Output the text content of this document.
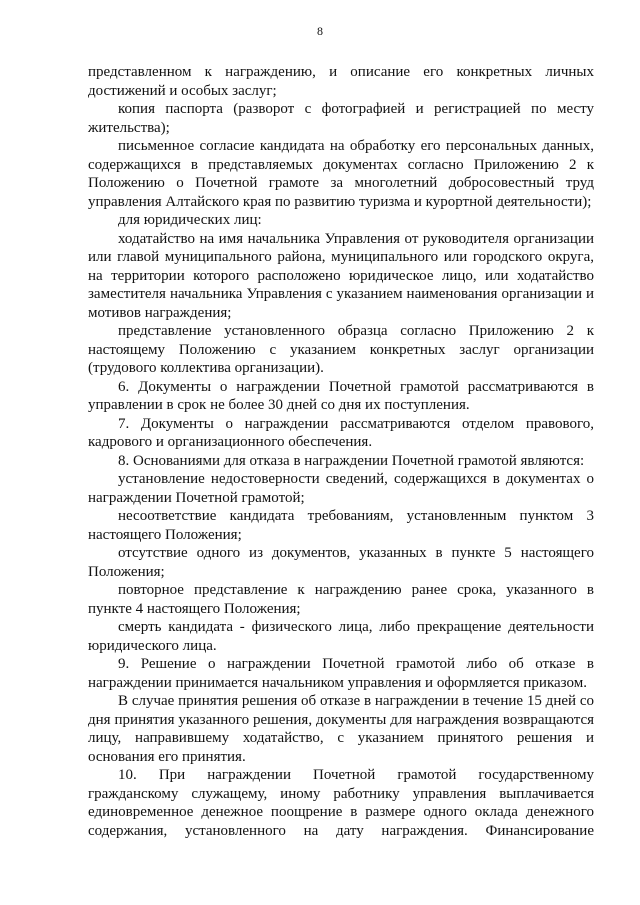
8

представленном к награждению, и описание его конкретных личных достижений и особых заслуг;

копия паспорта (разворот с фотографией и регистрацией по месту жительства);

письменное согласие кандидата на обработку его персональных данных, содержащихся в представляемых документах согласно Приложению 2 к Положению о Почетной грамоте за многолетний добросовестный труд управления Алтайского края по развитию туризма и курортной деятельности);

для юридических лиц:

ходатайство на имя начальника Управления от руководителя организации или главой муниципального района, муниципального или городского округа, на территории которого расположено юридическое лицо, или ходатайство заместителя начальника Управления с указанием наименования организации и мотивов награждения;

представление установленного образца согласно Приложению 2 к настоящему Положению с указанием конкретных заслуг организации (трудового коллектива организации).

6. Документы о награждении Почетной грамотой рассматриваются в управлении в срок не более 30 дней со дня их поступления.

7. Документы о награждении рассматриваются отделом правового, кадрового и организационного обеспечения.

8. Основаниями для отказа в награждении Почетной грамотой являются:

установление недостоверности сведений, содержащихся в документах о награждении Почетной грамотой;

несоответствие кандидата требованиям, установленным пунктом 3 настоящего Положения;

отсутствие одного из документов, указанных в пункте 5 настоящего Положения;

повторное представление к награждению ранее срока, указанного в пункте 4 настоящего Положения;

смерть кандидата - физического лица, либо прекращение деятельности юридического лица.

9. Решение о награждении Почетной грамотой либо об отказе в награждении принимается начальником управления и оформляется приказом.

В случае принятия решения об отказе в награждении в течение 15 дней со дня принятия указанного решения, документы для награждения возвращаются лицу, направившему ходатайство, с указанием принятого решения и основания его принятия.

10. При награждении Почетной грамотой государственному гражданскому служащему, иному работнику управления выплачивается единовременное денежное поощрение в размере одного оклада денежного содержания, установленного на дату награждения. Финансирование
